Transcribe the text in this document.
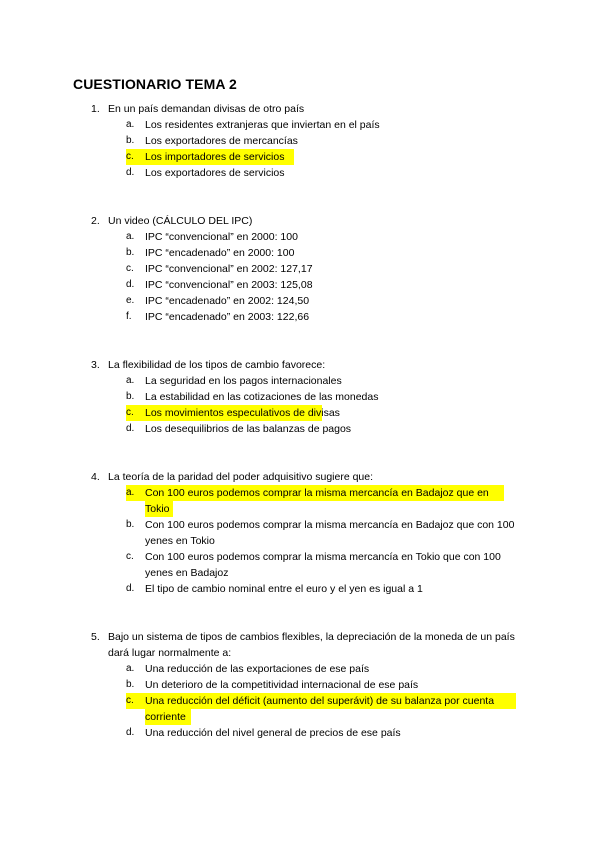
CUESTIONARIO TEMA 2
1. En un país demandan divisas de otro país
a.	Los residentes extranjeras que inviertan en el país
b.	Los exportadores de mercancías
c.	Los importadores de servicios
d.	Los exportadores de servicios
2. Un video (CÁLCULO DEL IPC)
a.	IPC “convencional” en 2000: 100
b.	IPC “encadenado” en 2000: 100
c.	IPC “convencional” en 2002: 127,17
d.	IPC “convencional” en 2003: 125,08
e.	IPC “encadenado” en 2002: 124,50
f.	IPC “encadenado” en 2003: 122,66
3. La flexibilidad de los tipos de cambio favorece:
a.	La seguridad en los pagos internacionales
b.	La estabilidad en las cotizaciones de las monedas
c.	Los movimientos especulativos de divisas
d.	Los desequilibrios de las balanzas de pagos
4. La teoría de la paridad del poder adquisitivo sugiere que:
a.	Con 100 euros podemos comprar la misma mercancía en Badajoz que en Tokio
b.	Con 100 euros podemos comprar la misma mercancía en Badajoz que con 100 yenes en Tokio
c.	Con 100 euros podemos comprar la misma mercancía en Tokio que con 100 yenes en Badajoz
d.	El tipo de cambio nominal entre el euro y el yen es igual a 1
5. Bajo un sistema de tipos de cambios flexibles, la depreciación de la moneda de un país dará lugar normalmente a:
a.	Una reducción de las exportaciones de ese país
b.	Un deterioro de la competitividad internacional de ese país
c.	Una reducción del déficit (aumento del superávit) de su balanza por cuenta corriente
d.	Una reducción del nivel general de precios de ese país
